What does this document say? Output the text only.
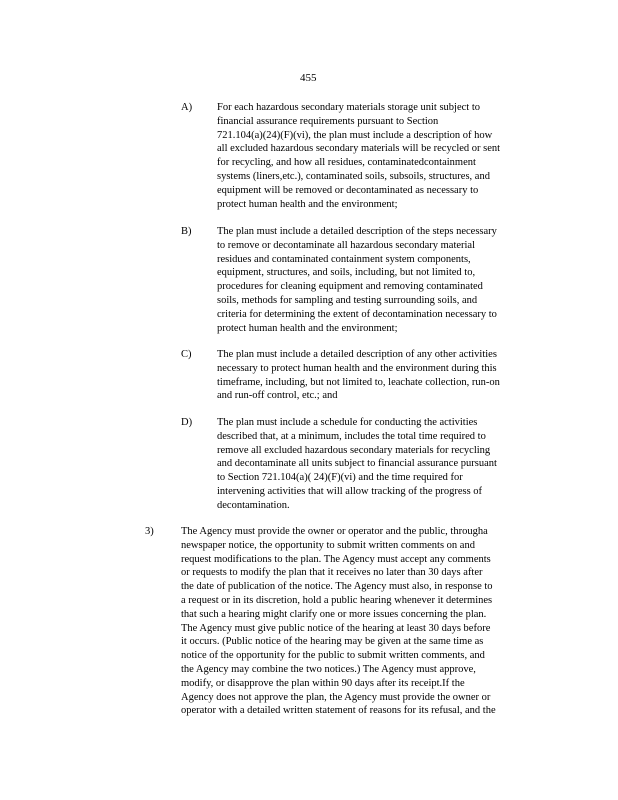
455
A) For each hazardous secondary materials storage unit subject to
financial assurance requirements pursuant to Section
721.104(a)(24)(F)(vi), the plan must include a description of how
all excluded hazardous secondary materials will be recycled or sent
for recycling, and how all residues, contaminatedcontainment
systems (liners,etc.), contaminated soils, subsoils, structures, and
equipment will be removed or decontaminated as necessary to
protect human health and the environment;
B) The plan must include a detailed description of the steps necessary
to remove or decontaminate all hazardous secondary material
residues and contaminated containment system components,
equipment, structures, and soils, including, but not limited to,
procedures for cleaning equipment and removing contaminated
soils, methods for sampling and testing surrounding soils, and
criteria for determining the extent of decontamination necessary to
protect human health and the environment;
C) The plan must include a detailed description of any other activities
necessary to protect human health and the environment during this
timeframe, including, but not limited to, leachate collection, run-on
and run-off control, etc.; and
D) The plan must include a schedule for conducting the activities
described that, at a minimum, includes the total time required to
remove all excluded hazardous secondary materials for recycling
and decontaminate all units subject to financial assurance pursuant
to Section 721.104(a)( 24)(F)(vi) and the time required for
intervening activities that will allow tracking of the progress of
decontamination.
3)	The Agency must provide the owner or operator and the public, througha
newspaper notice, the opportunity to submit written comments on and
request modifications to the plan. The Agency must accept any comments
or requests to modify the plan that it receives no later than 30 days after
the date of publication of the notice. The Agency must also, in response to
a request or in its discretion, hold a public hearing whenever it determines
that such a hearing might clarify one or more issues concerning the plan.
The Agency must give public notice of the hearing at least 30 days before
it occurs. (Public notice of the hearing may be given at the same time as
notice of the opportunity for the public to submit written comments, and
the Agency may combine the two notices.) The Agency must approve,
modify, or disapprove the plan within 90 days after its receipt.If the
Agency does not approve the plan, the Agency must provide the owner or
operator with a detailed written statement of reasons for its refusal, and the
